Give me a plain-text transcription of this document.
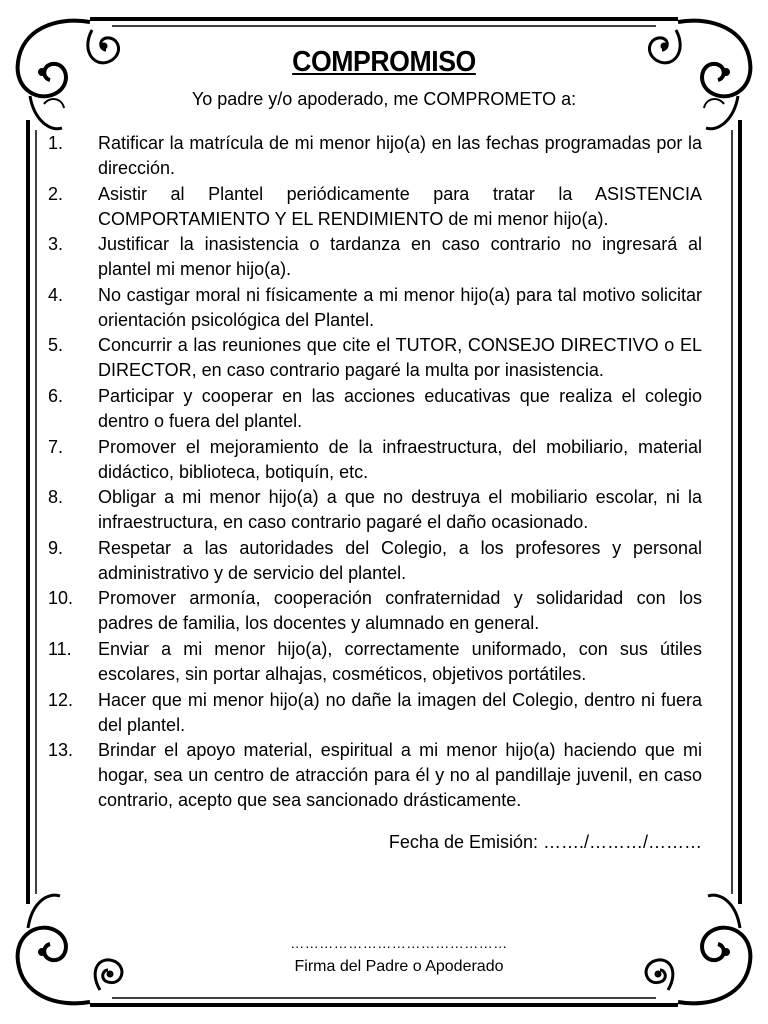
COMPROMISO
Yo padre y/o apoderado, me COMPROMETO a:
1.	Ratificar la matrícula de mi menor hijo(a) en las fechas programadas por la dirección.
2.	Asistir al Plantel periódicamente para tratar la ASISTENCIA COMPORTAMIENTO Y EL RENDIMIENTO de mi menor hijo(a).
3.	Justificar la inasistencia o tardanza en caso contrario no ingresará al plantel mi menor hijo(a).
4.	No castigar moral ni físicamente a mi menor hijo(a) para tal motivo solicitar orientación psicológica del Plantel.
5.	Concurrir a las reuniones que cite el TUTOR, CONSEJO DIRECTIVO o EL DIRECTOR, en caso contrario pagaré la multa por inasistencia.
6.	Participar y cooperar en las acciones educativas que realiza el colegio dentro o fuera del plantel.
7.	Promover el mejoramiento de la infraestructura, del mobiliario, material didáctico, biblioteca, botiquín, etc.
8.	Obligar a mi menor hijo(a) a que no destruya el mobiliario escolar, ni la infraestructura, en caso contrario pagaré el daño ocasionado.
9.	Respetar a las autoridades del Colegio, a los profesores y personal administrativo y de servicio del plantel.
10.	Promover armonía, cooperación confraternidad y solidaridad con los padres de familia, los docentes y alumnado en general.
11.	Enviar a mi menor hijo(a), correctamente uniformado, con sus útiles escolares, sin portar alhajas, cosméticos, objetivos portátiles.
12.	Hacer que mi menor hijo(a) no dañe la imagen del Colegio, dentro ni fuera del plantel.
13.	Brindar el apoyo material, espiritual a mi menor hijo(a) haciendo que mi hogar, sea un centro de atracción para él y no al pandillaje juvenil, en caso contrario, acepto que sea sancionado drásticamente.
Fecha de Emisión: ……./………/………
………………………………………
Firma del Padre o Apoderado
